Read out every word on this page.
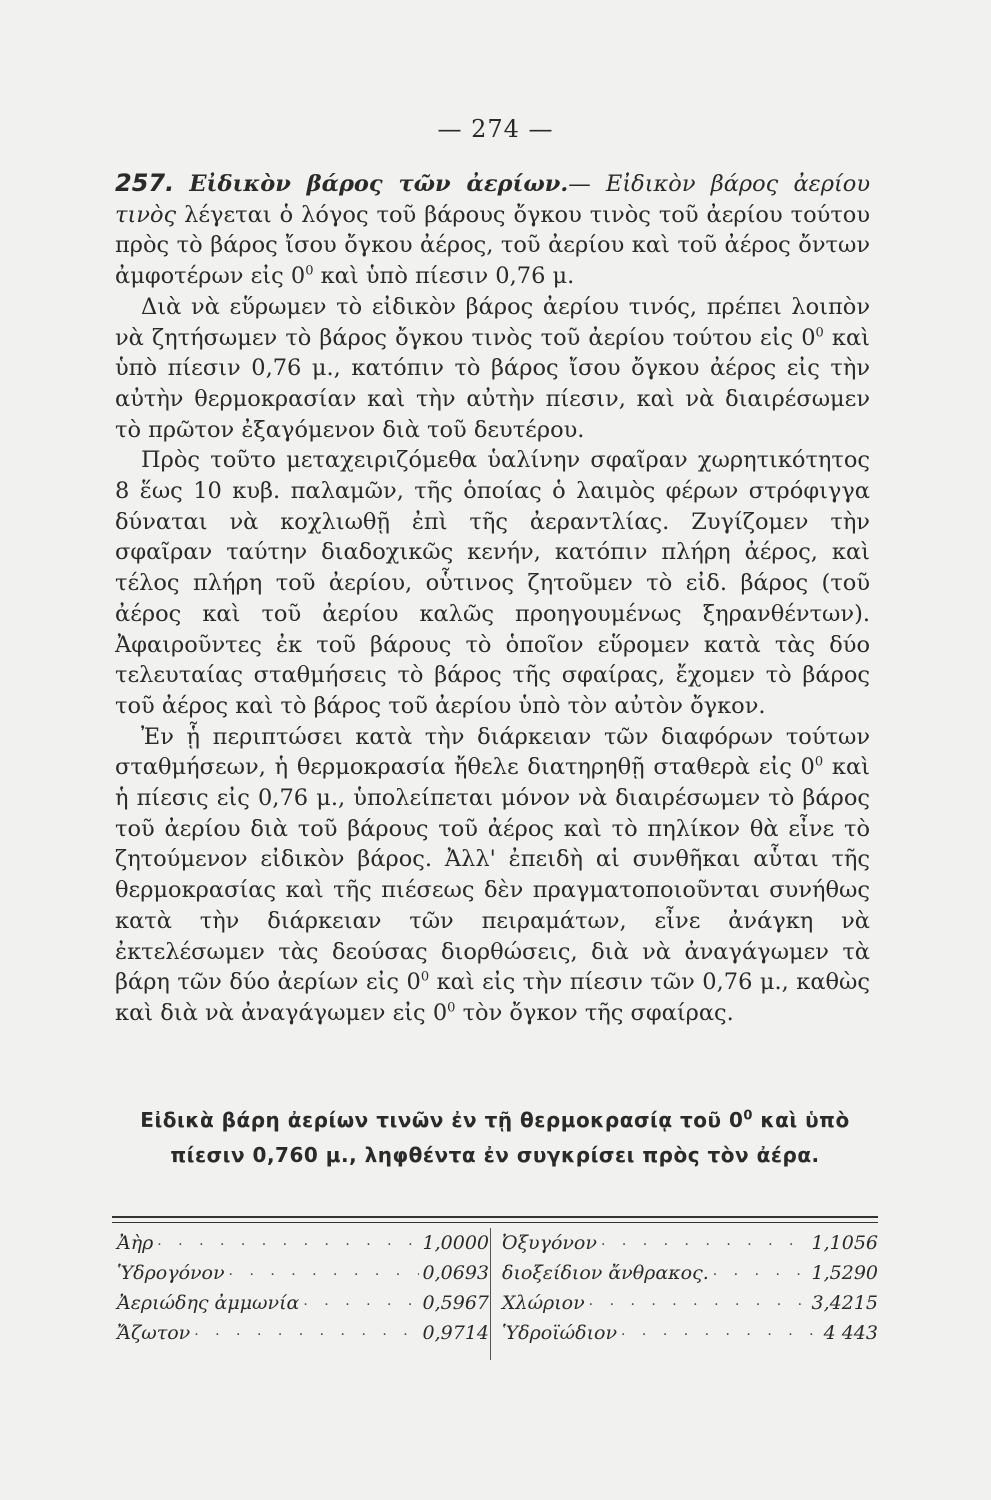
— 274 —

257. Εἰδικὸν βάρος τῶν ἀερίων.— Εἰδικὸν βάρος ἀερίου τινὸς λέγεται ὁ λόγος τοῦ βάρους ὄγκου τινὸς τοῦ ἀερίου τούτου πρὸς τὸ βάρος ἴσου ὄγκου ἀέρος, τοῦ ἀερίου καὶ τοῦ ἀέρος ὄντων ἀμφοτέρων εἰς $0^0$ καὶ ὑπὸ πίεσιν 0,76 μ.

Διὰ νὰ εὕρωμεν τὸ εἰδικὸν βάρος ἀερίου τινός, πρέπει λοιπὸν νὰ ζητήσωμεν τὸ βάρος ὄγκου τινὸς τοῦ ἀερίου τούτου εἰς $0^0$ καὶ ὑπὸ πίεσιν 0,76 μ., κατόπιν τὸ βάρος ἴσου ὄγκου ἀέρος εἰς τὴν αὐτὴν θερμοκρασίαν καὶ τὴν αὐτὴν πίεσιν, καὶ νὰ διαιρέσωμεν τὸ πρῶτον ἐξαγόμενον διὰ τοῦ δευτέρου.

Πρὸς τοῦτο μεταχειριζόμεθα ὑαλίνην σφαῖραν χωρητικότητος 8 ἕως 10 κυβ. παλαμῶν, τῆς ὁποίας ὁ λαιμὸς φέρων στρόφιγγα δύναται νὰ κοχλιωθῇ ἐπὶ τῆς ἀεραντλίας. Ζυγίζομεν τὴν σφαῖραν ταύτην διαδοχικῶς κενήν, κατόπιν πλήρη ἀέρος, καὶ τέλος πλήρη τοῦ ἀερίου, οὗτινος ζητοῦμεν τὸ εἰδ. βάρος (τοῦ ἀέρος καὶ τοῦ ἀερίου καλῶς προηγουμένως ξηρανθέντων). Ἀφαιροῦντες ἐκ τοῦ βάρους τὸ ὁποῖον εὕρομεν κατὰ τὰς δύο τελευταίας σταθμήσεις τὸ βάρος τῆς σφαίρας, ἔχομεν τὸ βάρος τοῦ ἀέρος καὶ τὸ βάρος τοῦ ἀερίου ὑπὸ τὸν αὐτὸν ὄγκον.

Ἐν ᾗ περιπτώσει κατὰ τὴν διάρκειαν τῶν διαφόρων τούτων σταθμήσεων, ἡ θερμοκρασία ἤθελε διατηρηθῇ σταθερὰ εἰς $0^0$ καὶ ἡ πίεσις εἰς 0,76 μ., ὑπολείπεται μόνον νὰ διαιρέσωμεν τὸ βάρος τοῦ ἀερίου διὰ τοῦ βάρους τοῦ ἀέρος καὶ τὸ πηλίκον θὰ εἶνε τὸ ζητούμενον εἰδικὸν βάρος. Ἀλλ' ἐπειδὴ αἱ συνθῆκαι αὗται τῆς θερμοκρασίας καὶ τῆς πιέσεως δὲν πραγματοποιοῦνται συνήθως κατὰ τὴν διάρκειαν τῶν πειραμάτων, εἶνε ἀνάγκη νὰ ἐκτελέσωμεν τὰς δεούσας διορθώσεις, διὰ νὰ ἀναγάγωμεν τὰ βάρη τῶν δύο ἀερίων εἰς $0^0$ καὶ εἰς τὴν πίεσιν τῶν 0,76 μ., καθὼς καὶ διὰ νὰ ἀναγάγωμεν εἰς $0^0$ τὸν ὄγκον τῆς σφαίρας.

Εἰδικὰ βάρη ἀερίων τινῶν ἐν τῇ θερμοκρασίᾳ τοῦ $0^0$ καὶ ὑπὸ πίεσιν 0,760 μ., ληφθέντα ἐν συγκρίσει πρὸς τὸν ἀέρα.
Ἀὴρ · · ·	1,0000
Ὑδρογόνον · · ·	0,0693
Ἀεριώδης ἀμμωνία · · ·	0,5967
Ἄζωτον · · ·	0,9714
Ὀξυγόνον · · ·	1,1056
διοξείδιον ἄνθρακος. · · ·	1,5290
Χλώριον · · ·	3,4215
Ὑδροϊώδιον · · ·	4 443
